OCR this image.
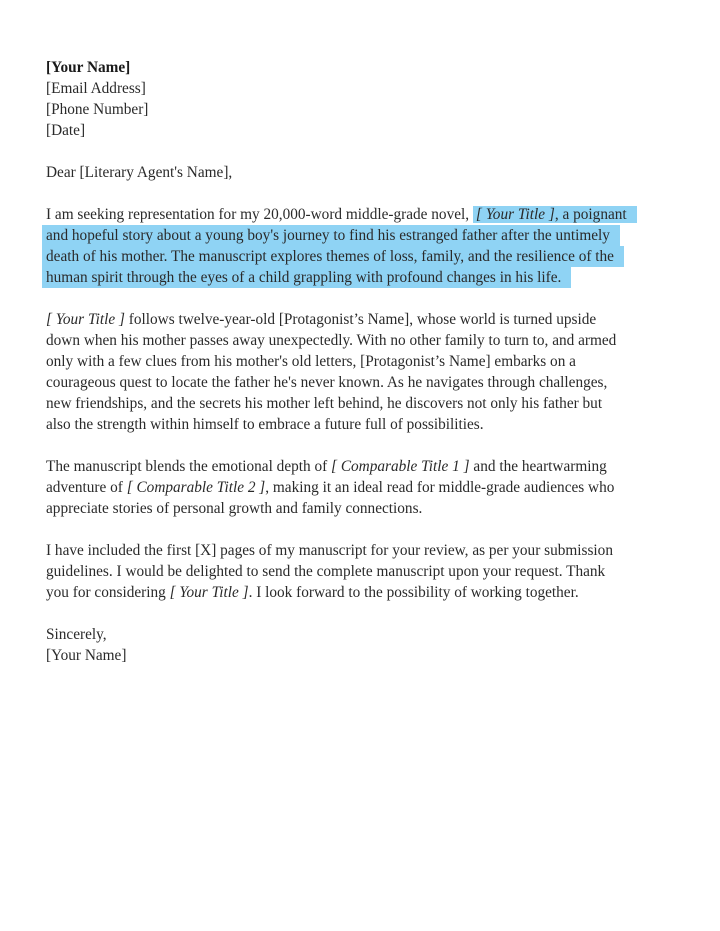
[Your Name]
[Email Address]
[Phone Number]
[Date]
Dear [Literary Agent's Name],
I am seeking representation for my 20,000-word middle-grade novel, [ Your Title ], a poignant
and hopeful story about a young boy's journey to find his estranged father after the untimely
death of his mother. The manuscript explores themes of loss, family, and the resilience of the
human spirit through the eyes of a child grappling with profound changes in his life.
[ Your Title ] follows twelve-year-old [Protagonist’s Name], whose world is turned upside
down when his mother passes away unexpectedly. With no other family to turn to, and armed
only with a few clues from his mother's old letters, [Protagonist’s Name] embarks on a
courageous quest to locate the father he's never known. As he navigates through challenges,
new friendships, and the secrets his mother left behind, he discovers not only his father but
also the strength within himself to embrace a future full of possibilities.
The manuscript blends the emotional depth of [ Comparable Title 1 ] and the heartwarming
adventure of [ Comparable Title 2 ], making it an ideal read for middle-grade audiences who
appreciate stories of personal growth and family connections.
I have included the first [X] pages of my manuscript for your review, as per your submission
guidelines. I would be delighted to send the complete manuscript upon your request. Thank
you for considering [ Your Title ]. I look forward to the possibility of working together.
Sincerely,
[Your Name]
